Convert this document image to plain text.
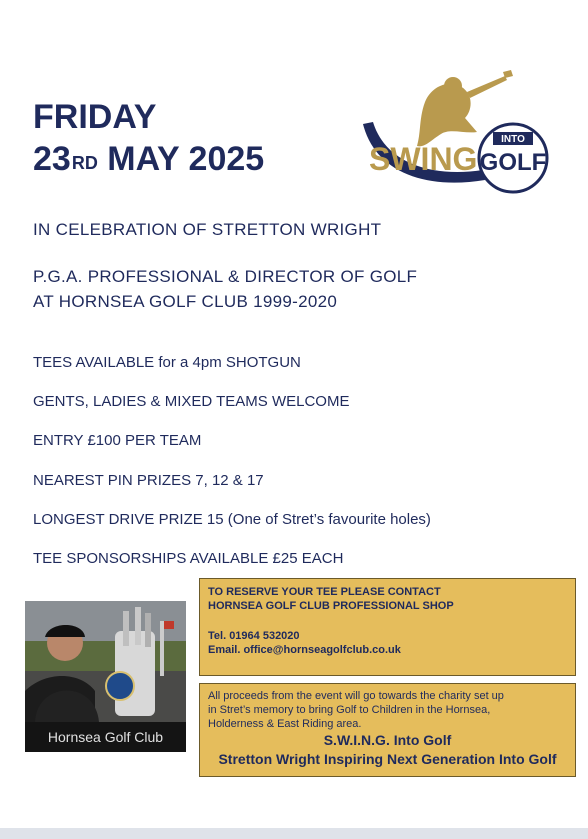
FRIDAY
23RD MAY 2025	SWING
INTO
GOLF
IN CELEBRATION OF STRETTON WRIGHT
P.G.A. PROFESSIONAL & DIRECTOR OF GOLF
AT HORNSEA GOLF CLUB 1999-2020
TEES AVAILABLE for a 4pm SHOTGUN
GENTS, LADIES & MIXED TEAMS WELCOME
ENTRY £100 PER TEAM
NEAREST PIN PRIZES 7, 12 & 17
LONGEST DRIVE PRIZE 15 (One of Stret’s favourite holes)
TEE SPONSORSHIPS AVAILABLE £25 EACH
Hornsea Golf Club
TO RESERVE YOUR TEE PLEASE CONTACT
HORNSEA GOLF CLUB PROFESSIONAL SHOP
Tel. 01964 532020
Email. office@hornseagolfclub.co.uk
All proceeds from the event will go towards the charity set up
in Stret’s memory to bring Golf to Children in the Hornsea,
Holderness & East Riding area.
S.W.I.N.G. Into Golf
Stretton Wright Inspiring Next Generation Into Golf
